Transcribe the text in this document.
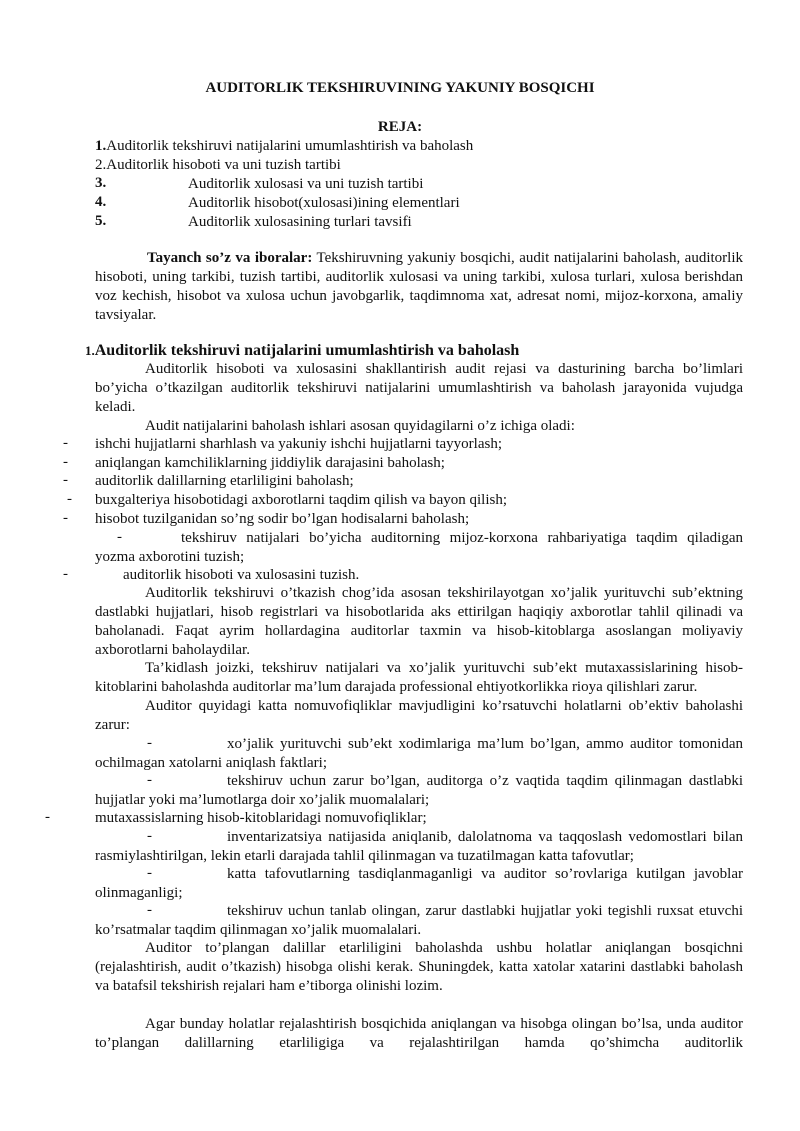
AUDITORLIK TEKSHIRUVINING YAKUNIY BOSQICHI
REJA:
1.Auditorlik tekshiruvi natijalarini umumlashtirish va baholash
2.Auditorlik hisoboti va uni tuzish tartibi
3.	Auditorlik xulosasi va uni tuzish tartibi
4.	Auditorlik hisobot(xulosasi)ining elementlari
5.	Auditorlik xulosasining turlari tavsifi
Tayanch so’z va iboralar: Tekshiruvning yakuniy bosqichi, audit natijalarini baholash, auditorlik hisoboti, uning tarkibi, tuzish tartibi, auditorlik xulosasi va uning tarkibi, xulosa turlari, xulosa berishdan voz kechish, hisobot va xulosa uchun javobgarlik, taqdimnoma xat, adresat nomi, mijoz-korxona, amaliy tavsiyalar.
1.Auditorlik tekshiruvi natijalarini umumlashtirish va baholash
Auditorlik hisoboti va xulosasini shakllantirish audit rejasi va dasturining barcha bo’limlari bo’yicha o’tkazilgan auditorlik tekshiruvi natijalarini umumlashtirish va baholash jarayonida vujudga keladi.
Audit natijalarini baholash ishlari asosan quyidagilarni o’z ichiga oladi:
- ishchi hujjatlarni sharhlash va yakuniy ishchi hujjatlarni tayyorlash;
- aniqlangan kamchiliklarning jiddiylik darajasini baholash;
- auditorlik dalillarning etarliligini baholash;
- buxgalteriya hisobotidagi axborotlarni taqdim qilish va bayon qilish;
- hisobot tuzilganidan so’ng sodir bo’lgan hodisalarni baholash;
-	tekshiruv natijalari bo’yicha auditorning mijoz-korxona rahbariyatiga taqdim qiladigan yozma axborotini tuzish;
-	auditorlik hisoboti va xulosasini tuzish.
Auditorlik tekshiruvi o’tkazish chog’ida asosan tekshirilayotgan xo’jalik yurituvchi sub’ektning dastlabki hujjatlari, hisob registrlari va hisobotlarida aks ettirilgan haqiqiy axborotlar tahlil qilinadi va baholanadi. Faqat ayrim hollardagina auditorlar taxmin va hisob-kitoblarga asoslangan moliyaviy axborotlarni baholaydilar.
Ta’kidlash joizki, tekshiruv natijalari va xo’jalik yurituvchi sub’ekt mutaxassislarining hisob-kitoblarini baholashda auditorlar ma’lum darajada professional ehtiyotkorlikka rioya qilishlari zarur.
Auditor quyidagi katta nomuvofiqliklar mavjudligini ko’rsatuvchi holatlarni ob’ektiv baholashi zarur:
-	xo’jalik yurituvchi sub’ekt xodimlariga ma’lum bo’lgan, ammo auditor tomonidan ochilmagan xatolarni aniqlash faktlari;
-	tekshiruv uchun zarur bo’lgan, auditorga o’z vaqtida taqdim qilinmagan dastlabki hujjatlar yoki ma’lumotlarga doir xo’jalik muomalalari;
-	mutaxassislarning hisob-kitoblaridagi nomuvofiqliklar;
-	inventarizatsiya natijasida aniqlanib, dalolatnoma va taqqoslash vedomostlari bilan rasmiylashtirilgan, lekin etarli darajada tahlil qilinmagan va tuzatilmagan katta tafovutlar;
-	katta tafovutlarning tasdiqlanmaganligi va auditor so’rovlariga kutilgan javoblar olinmaganligi;
-	tekshiruv uchun tanlab olingan, zarur dastlabki hujjatlar yoki tegishli ruxsat etuvchi ko’rsatmalar taqdim qilinmagan xo’jalik muomalalari.
Auditor to’plangan dalillar etarliligini baholashda ushbu holatlar aniqlangan bosqichni (rejalashtirish, audit o’tkazish) hisobga olishi kerak. Shuningdek, katta xatolar xatarini dastlabki baholash va batafsil tekshirish rejalari ham e’tiborga olinishi lozim.
Agar bunday holatlar rejalashtirish bosqichida aniqlangan va hisobga olingan bo’lsa, unda auditor to’plangan dalillarning etarliligiga va rejalashtirilgan hamda qo’shimcha auditorlik
